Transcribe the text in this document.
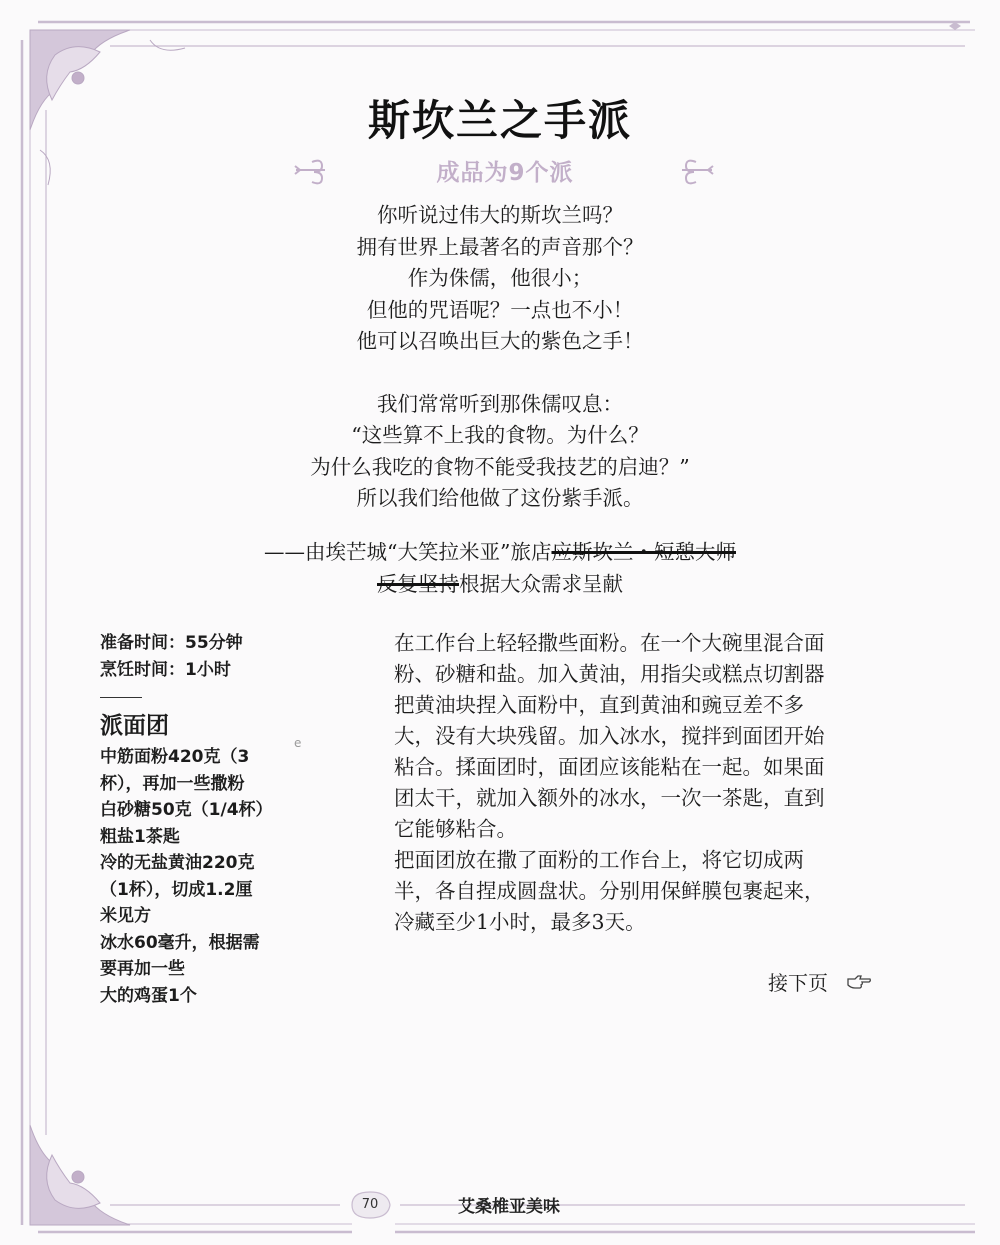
斯坎兰之手派
成品为9个派
你听说过伟大的斯坎兰吗？
拥有世界上最著名的声音那个？
作为侏儒，他很小；
但他的咒语呢？一点也不小！
他可以召唤出巨大的紫色之手！
我们常常听到那侏儒叹息：
“这些算不上我的食物。为什么？
为什么我吃的食物不能受我技艺的启迪？”
所以我们给他做了这份紫手派。
——由埃芒城“大笑拉米亚”旅店应斯坎兰・短憩大师
反复坚持根据大众需求呈献
准备时间：55分钟
烹饪时间：1小时
派面团
中筋面粉420克（3
杯），再加一些撒粉
白砂糖50克（1/4杯）
粗盐1茶匙
冷的无盐黄油220克
（1杯），切成1.2厘
米见方
冰水60毫升，根据需
要再加一些
大的鸡蛋1个
e
在工作台上轻轻撒些面粉。在一个大碗里混合面
粉、砂糖和盐。加入黄油，用指尖或糕点切割器
把黄油块捏入面粉中，直到黄油和豌豆差不多
大，没有大块残留。加入冰水，搅拌到面团开始
粘合。揉面团时，面团应该能粘在一起。如果面
团太干，就加入额外的冰水，一次一茶匙，直到
它能够粘合。
把面团放在撒了面粉的工作台上，将它切成两
半，各自捏成圆盘状。分别用保鲜膜包裹起来，
冷藏至少1小时，最多3天。
接下页
70	艾桑椎亚美味
